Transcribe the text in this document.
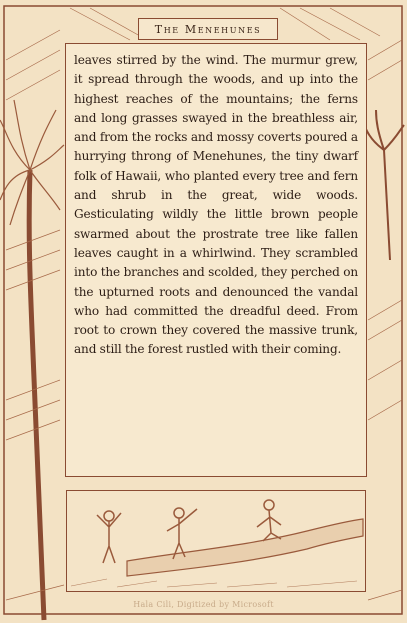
The Menehunes

leaves stirred by the wind. The murmur grew, it spread through the woods, and up into the highest reaches of the mountains; the ferns and long grasses swayed in the breathless air, and from the rocks and mossy coverts poured a hurrying throng of Menehunes, the tiny dwarf folk of Hawaii, who planted every tree and fern and shrub in the great, wide woods. Gesticulating wildly the little brown people swarmed about the prostrate tree like fallen leaves caught in a whirlwind. They scrambled into the branches and scolded, they perched on the upturned roots and denounced the vandal who had committed the dreadful deed. From root to crown they covered the massive trunk, and still the forest rustled with their coming.

Hala Cili, Digitized by Microsoft
